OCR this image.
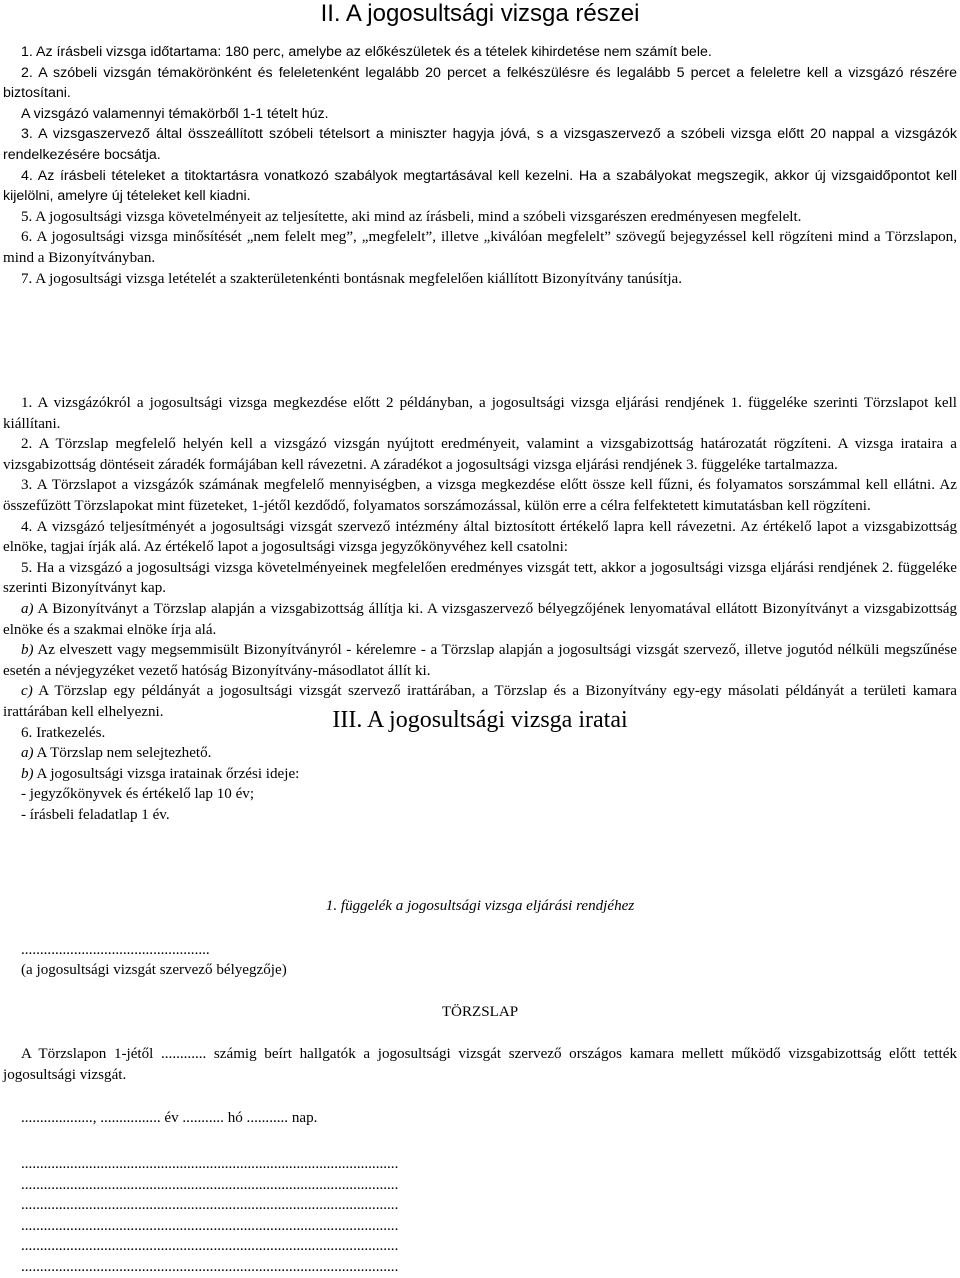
II. A jogosultsági vizsga részei

1. Az írásbeli vizsga időtartama: 180 perc, amelybe az előkészületek és a tételek kihirdetése nem számít bele.

2. A szóbeli vizsgán témakörönként és feleletenként legalább 20 percet a felkészülésre és legalább 5 percet a feleletre kell a vizsgázó részére biztosítani.

A vizsgázó valamennyi témakörből 1-1 tételt húz.

3. A vizsgaszervező által összeállított szóbeli tételsort a miniszter hagyja jóvá, s a vizsgaszervező a szóbeli vizsga előtt 20 nappal a vizsgázók rendelkezésére bocsátja.

4. Az írásbeli tételeket a titoktartásra vonatkozó szabályok megtartásával kell kezelni. Ha a szabályokat megszegik, akkor új vizsgaidőpontot kell kijelölni, amelyre új tételeket kell kiadni.

5. A jogosultsági vizsga követelményeit az teljesítette, aki mind az írásbeli, mind a szóbeli vizsgarészen eredményesen megfelelt.

6. A jogosultsági vizsga minősítését „nem felelt meg”, „megfelelt”, illetve „kiválóan megfelelt” szövegű bejegyzéssel kell rögzíteni mind a Törzslapon, mind a Bizonyítványban.

7. A jogosultsági vizsga letételét a szakterületenkénti bontásnak megfelelően kiállított Bizonyítvány tanúsítja.

III. A jogosultsági vizsga iratai

1. A vizsgázókról a jogosultsági vizsga megkezdése előtt 2 példányban, a jogosultsági vizsga eljárási rendjének 1. függeléke szerinti Törzslapot kell kiállítani.

2. A Törzslap megfelelő helyén kell a vizsgázó vizsgán nyújtott eredményeit, valamint a vizsgabizottság határozatát rögzíteni. A vizsga irataira a vizsgabizottság döntéseit záradék formájában kell rávezetni. A záradékot a jogosultsági vizsga eljárási rendjének 3. függeléke tartalmazza.

3. A Törzslapot a vizsgázók számának megfelelő mennyiségben, a vizsga megkezdése előtt össze kell fűzni, és folyamatos sorszámmal kell ellátni. Az összefűzött Törzslapokat mint füzeteket, 1-jétől kezdődő, folyamatos sorszámozással, külön erre a célra felfektetett kimutatásban kell rögzíteni.

4. A vizsgázó teljesítményét a jogosultsági vizsgát szervező intézmény által biztosított értékelő lapra kell rávezetni. Az értékelő lapot a vizsgabizottság elnöke, tagjai írják alá. Az értékelő lapot a jogosultsági vizsga jegyzőkönyvéhez kell csatolni:

5. Ha a vizsgázó a jogosultsági vizsga követelményeinek megfelelően eredményes vizsgát tett, akkor a jogosultsági vizsga eljárási rendjének 2. függeléke szerinti Bizonyítványt kap.

a) A Bizonyítványt a Törzslap alapján a vizsgabizottság állítja ki. A vizsgaszervező bélyegzőjének lenyomatával ellátott Bizonyítványt a vizsgabizottság elnöke és a szakmai elnöke írja alá.

b) Az elveszett vagy megsemmisült Bizonyítványról - kérelemre - a Törzslap alapján a jogosultsági vizsgát szervező, illetve jogutód nélküli megszűnése esetén a névjegyzéket vezető hatóság Bizonyítvány-másodlatot állít ki.

c) A Törzslap egy példányát a jogosultsági vizsgát szervező irattárában, a Törzslap és a Bizonyítvány egy-egy másolati példányát a területi kamara irattárában kell elhelyezni.

6. Iratkezelés.

a) A Törzslap nem selejtezhető.

b) A jogosultsági vizsga iratainak őrzési ideje:

- jegyzőkönyvek és értékelő lap 10 év;

- írásbeli feladatlap 1 év.

1. függelék a jogosultsági vizsga eljárási rendjéhez

..................................................

(a jogosultsági vizsgát szervező bélyegzője)

TÖRZSLAP

A Törzslapon 1-jétől ............ számig beírt hallgatók a jogosultsági vizsgát szervező országos kamara mellett működő vizsgabizottság előtt tették jogosultsági vizsgát.

..................., ................ év ........... hó ........... nap.

....................................................................................................

....................................................................................................

....................................................................................................

....................................................................................................

....................................................................................................

....................................................................................................
